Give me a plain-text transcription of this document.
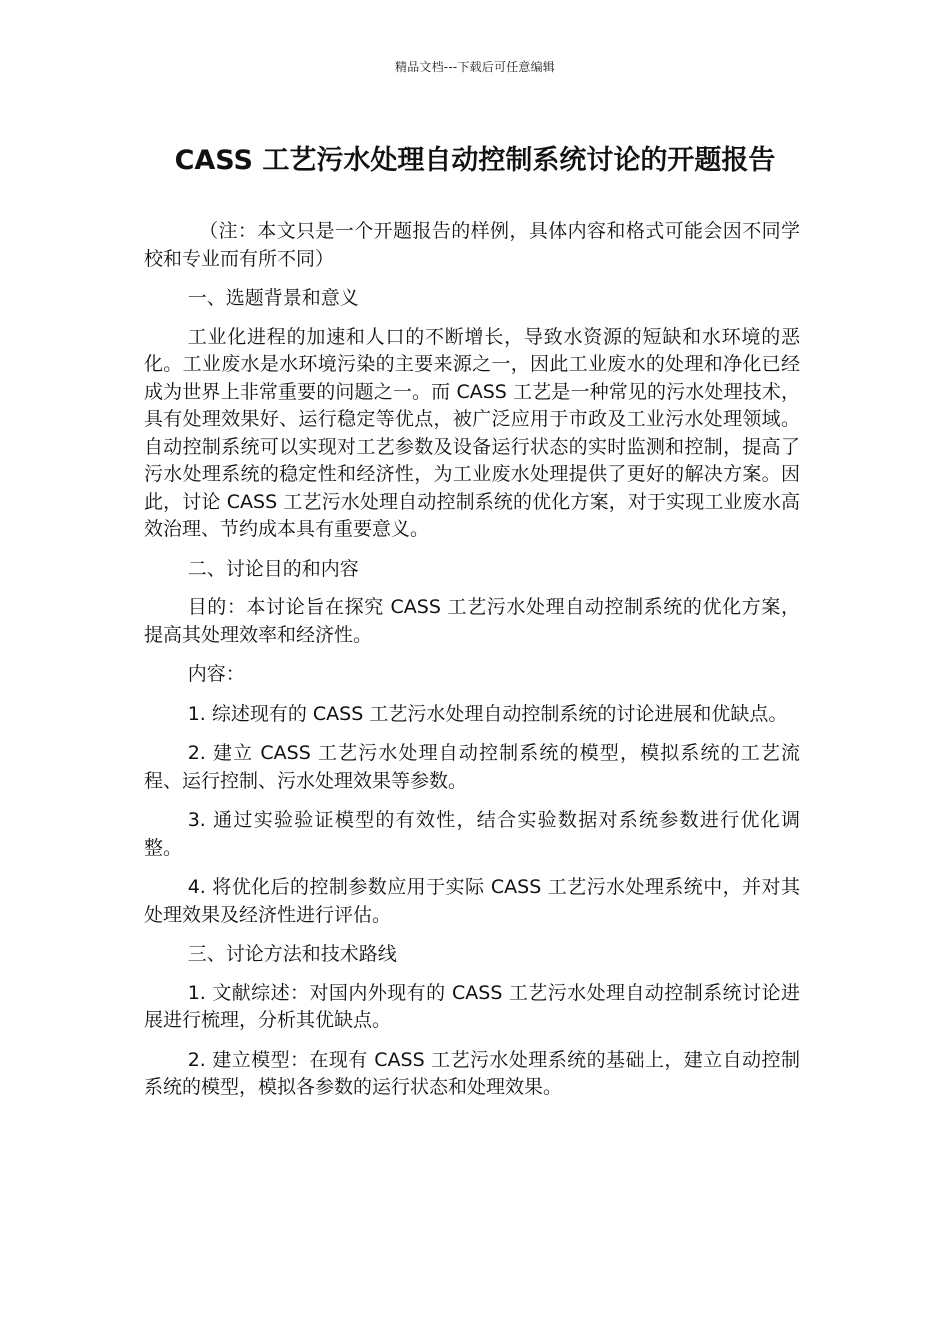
精品文档---下载后可任意编辑
CASS 工艺污水处理自动控制系统讨论的开题报告

（注：本文只是一个开题报告的样例，具体内容和格式可能会因不同学校和专业而有所不同）

一、选题背景和意义

工业化进程的加速和人口的不断增长，导致水资源的短缺和水环境的恶化。工业废水是水环境污染的主要来源之一，因此工业废水的处理和净化已经成为世界上非常重要的问题之一。而 CASS 工艺是一种常见的污水处理技术，具有处理效果好、运行稳定等优点，被广泛应用于市政及工业污水处理领域。自动控制系统可以实现对工艺参数及设备运行状态的实时监测和控制，提高了污水处理系统的稳定性和经济性，为工业废水处理提供了更好的解决方案。因此，讨论 CASS 工艺污水处理自动控制系统的优化方案，对于实现工业废水高效治理、节约成本具有重要意义。

二、讨论目的和内容

目的：本讨论旨在探究 CASS 工艺污水处理自动控制系统的优化方案，提高其处理效率和经济性。

内容：

1. 综述现有的 CASS 工艺污水处理自动控制系统的讨论进展和优缺点。

2. 建立 CASS 工艺污水处理自动控制系统的模型，模拟系统的工艺流程、运行控制、污水处理效果等参数。

3. 通过实验验证模型的有效性，结合实验数据对系统参数进行优化调整。

4. 将优化后的控制参数应用于实际 CASS 工艺污水处理系统中，并对其处理效果及经济性进行评估。

三、讨论方法和技术路线

1. 文献综述：对国内外现有的 CASS 工艺污水处理自动控制系统讨论进展进行梳理，分析其优缺点。

2. 建立模型：在现有 CASS 工艺污水处理系统的基础上，建立自动控制系统的模型，模拟各参数的运行状态和处理效果。
